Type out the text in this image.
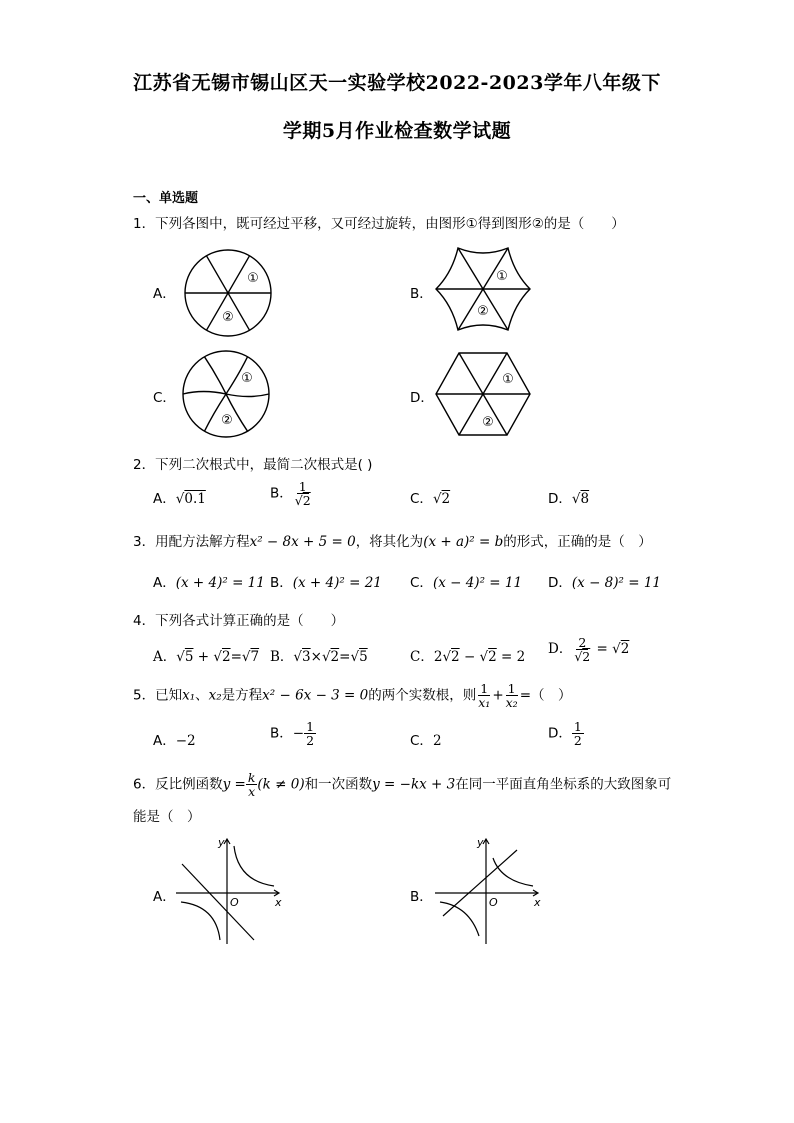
江苏省无锡市锡山区天一实验学校2022-2023学年八年级下
学期5月作业检查数学试题
一、单选题
1．下列各图中，既可经过平移，又可经过旋转，由图形①得到图形②的是（　　）
A．
①
②
B．
①
②
C．
①
②
D．
①
②
2．下列二次根式中，最简二次根式是( )
A．√0.1	B． $\frac{1}{√2}$	C．√2	D．√8
3．用配方法解方程x² − 8x + 5 = 0，将其化为(x + a)² = b的形式，正确的是（　）
A．(x + 4)² = 11 B．(x + 4)² = 21 C．(x − 4)² = 11 D．(x − 8)² = 11
4．下列各式计算正确的是（　　）
A．√5 + √2=√7 B．√3×√2=√5	C．2√2 − √2 = 2 D． $\frac{2}{√2} = √2$
5．已知x₁、x₂是方程x² − 6x − 3 = 0的两个实数根，则 $\frac{1}{\text{x₁}} + \frac{1}{\text{x₂}}$ =（　）
A．−2	B．− $\frac{1}{2}$	C．2	D． $\frac{1}{2}$
6．反比例函数$y = \frac{k}{x} (k \ne 0)$和一次函数y = −kx + 3在同一平面直角坐标系的大致图象可
能是（　）
A．
y
x
O	B．
y
x
O
